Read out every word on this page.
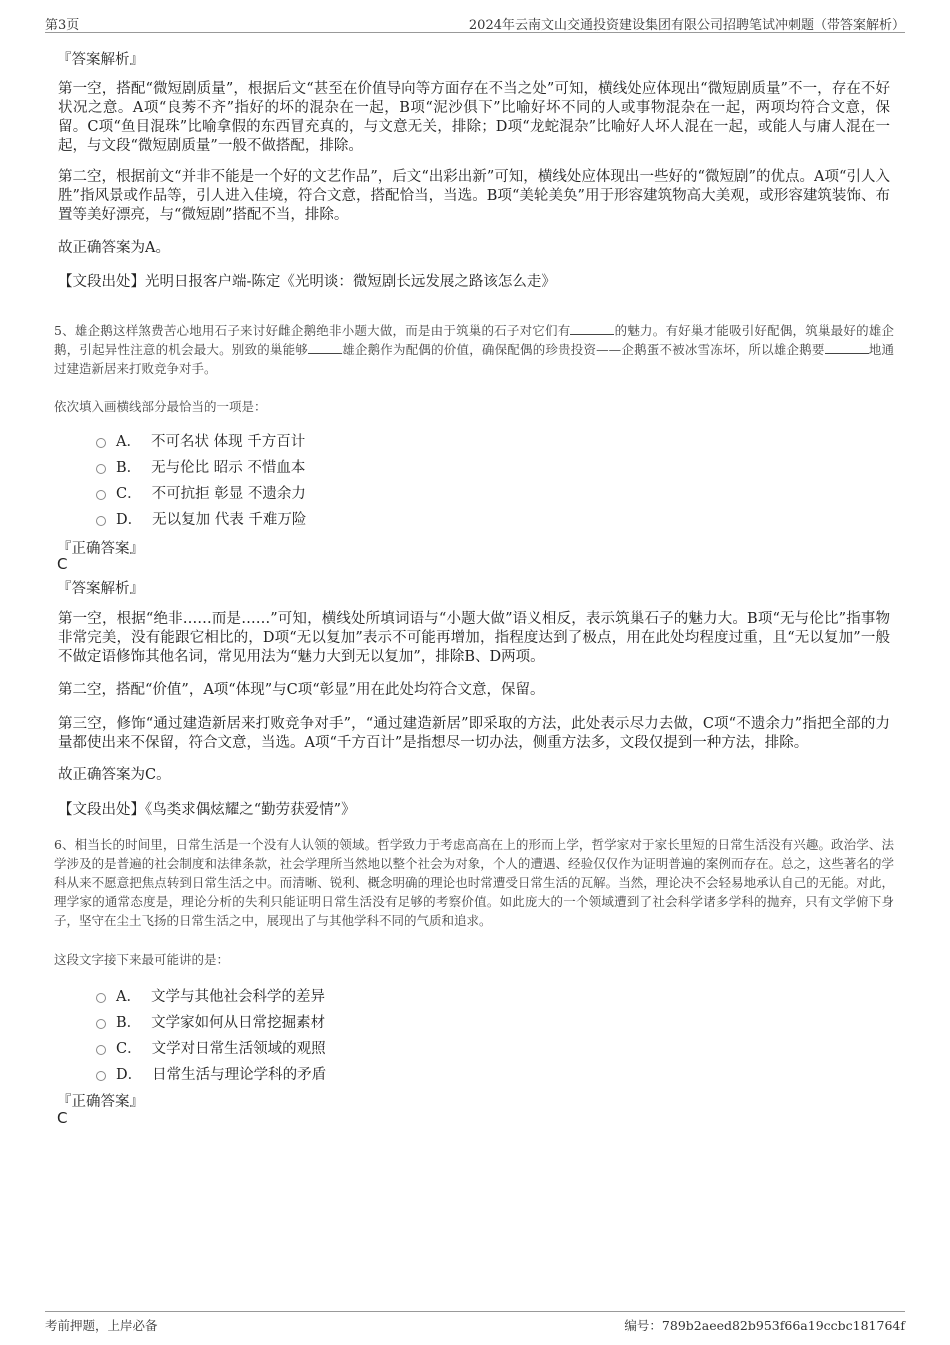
第3页	2024年云南文山交通投资建设集团有限公司招聘笔试冲刺题（带答案解析）
『答案解析』

第一空，搭配“微短剧质量”，根据后文“甚至在价值导向等方面存在不当之处”可知，横线处应体现出“微短剧质量”不一，存在不好状况之意。A项“良莠不齐”指好的坏的混杂在一起，B项“泥沙俱下”比喻好坏不同的人或事物混杂在一起，两项均符合文意，保留。C项“鱼目混珠”比喻拿假的东西冒充真的，与文意无关，排除；D项“龙蛇混杂”比喻好人坏人混在一起，或能人与庸人混在一起，与文段“微短剧质量”一般不做搭配，排除。

第二空，根据前文“并非不能是一个好的文艺作品”，后文“出彩出新”可知，横线处应体现出一些好的“微短剧”的优点。A项“引人入胜”指风景或作品等，引人进入佳境，符合文意，搭配恰当，当选。B项“美轮美奂”用于形容建筑物高大美观，或形容建筑装饰、布置等美好漂亮，与“微短剧”搭配不当，排除。

故正确答案为A。

【文段出处】光明日报客户端-陈定《光明谈：微短剧长远发展之路该怎么走》

5、雄企鹅这样煞费苦心地用石子来讨好雌企鹅绝非小题大做，而是由于筑巢的石子对它们有	的魅力。有好巢才能吸引好配偶，筑巢最好的雄企鹅，引起异性注意的机会最大。别致的巢能够	雄企鹅作为配偶的价值，确保配偶的珍贵投资——企鹅蛋不被冰雪冻坏，所以雄企鹅要	地通过建造新居来打败竞争对手。

依次填入画横线部分最恰当的一项是：
A． 不可名状 体现 千方百计
B． 无与伦比 昭示 不惜血本
C． 不可抗拒 彰显 不遗余力
D． 无以复加 代表 千难万险
『正确答案』
C
『答案解析』

第一空，根据“绝非……而是……”可知，横线处所填词语与“小题大做”语义相反，表示筑巢石子的魅力大。B项“无与伦比”指事物非常完美，没有能跟它相比的，D项“无以复加”表示不可能再增加，指程度达到了极点，用在此处均程度过重，且“无以复加”一般不做定语修饰其他名词，常见用法为“魅力大到无以复加”，排除B、D两项。

第二空，搭配“价值”，A项“体现”与C项“彰显”用在此处均符合文意，保留。

第三空，修饰“通过建造新居来打败竞争对手”，“通过建造新居”即采取的方法，此处表示尽力去做，C项“不遗余力”指把全部的力量都使出来不保留，符合文意，当选。A项“千方百计”是指想尽一切办法，侧重方法多，文段仅提到一种方法，排除。

故正确答案为C。

【文段出处】《鸟类求偶炫耀之“勤劳获爱情”》

6、相当长的时间里，日常生活是一个没有人认领的领域。哲学致力于考虑高高在上的形而上学，哲学家对于家长里短的日常生活没有兴趣。政治学、法学涉及的是普遍的社会制度和法律条款，社会学理所当然地以整个社会为对象，个人的遭遇、经验仅仅作为证明普遍的案例而存在。总之，这些著名的学科从来不愿意把焦点转到日常生活之中。而清晰、锐利、概念明确的理论也时常遭受日常生活的瓦解。当然，理论决不会轻易地承认自己的无能。对此，理学家的通常态度是，理论分析的失利只能证明日常生活没有足够的考察价值。如此庞大的一个领域遭到了社会科学诸多学科的抛弃，只有文学俯下身子，坚守在尘土飞扬的日常生活之中，展现出了与其他学科不同的气质和追求。

这段文字接下来最可能讲的是：
A． 文学与其他社会科学的差异
B． 文学家如何从日常挖掘素材
C． 文学对日常生活领域的观照
D． 日常生活与理论学科的矛盾
『正确答案』
C
考前押题，上岸必备	编号：789b2aeed82b953f66a19ccbc181764f
